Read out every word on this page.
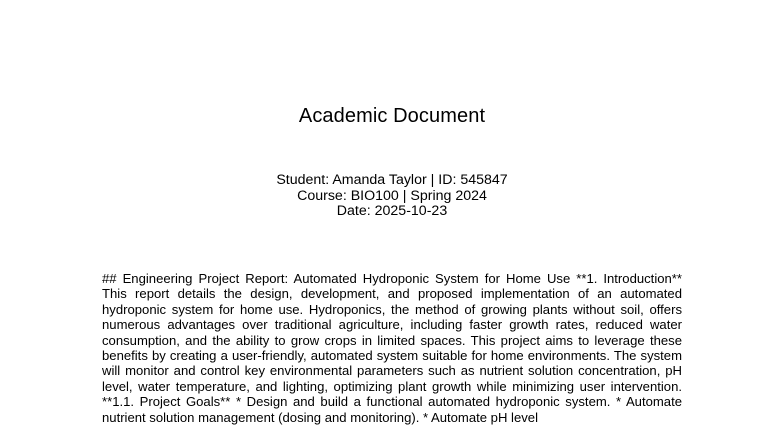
Academic Document
Student: Amanda Taylor | ID: 545847
Course: BIO100 | Spring 2024
Date: 2025-10-23
## Engineering Project Report: Automated Hydroponic System for Home Use **1. Introduction** This report details the design, development, and proposed implementation of an automated hydroponic system for home use. Hydroponics, the method of growing plants without soil, offers numerous advantages over traditional agriculture, including faster growth rates, reduced water consumption, and the ability to grow crops in limited spaces. This project aims to leverage these benefits by creating a user-friendly, automated system suitable for home environments. The system will monitor and control key environmental parameters such as nutrient solution concentration, pH level, water temperature, and lighting, optimizing plant growth while minimizing user intervention. **1.1. Project Goals** * Design and build a functional automated hydroponic system. * Automate nutrient solution management (dosing and monitoring). * Automate pH level
